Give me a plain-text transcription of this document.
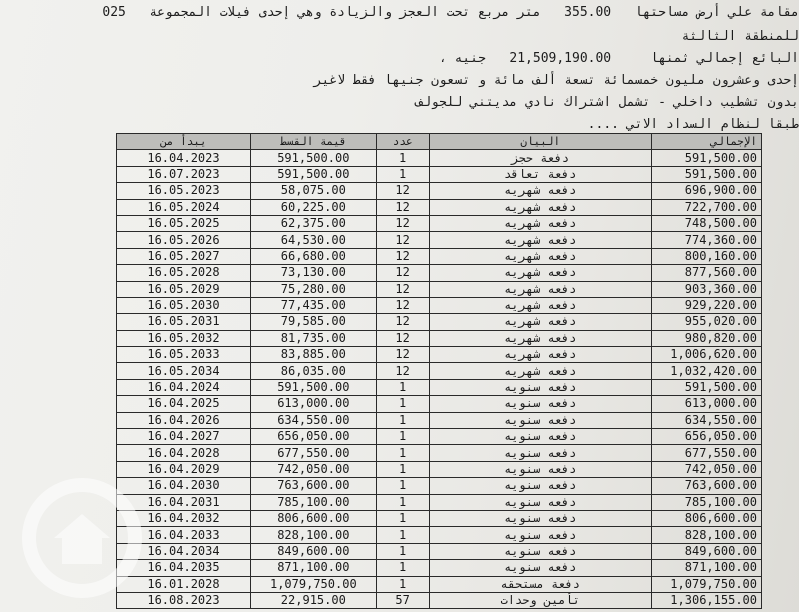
مقامة علي أرض مساحتها   355.00   متر مربع تحت العجز والزيادة وهي إحدى فيلات المجموعة   025
للمنطقة الثالثة
البائع إجمالي ثمنها     21,509,190.00   جنيه ،
إحدى وعشرون مليون خمسمائة تسعة ألف مائة و تسعون جنيها فقط لاغير
بدون تشطيب داخلي - تشمل اشتراك نادي مديتني للجولف
طبقا لنظام السداد الاتي ....
يبدأ من	قيمة القسط	عدد	البيان	الإجمالي
16.04.2023	591,500.00	1	دفعة حجز	591,500.00
16.07.2023	591,500.00	1	دفعة تعاقد	591,500.00
16.05.2023	58,075.00	12	دفعه شهريه	696,900.00
16.05.2024	60,225.00	12	دفعه شهريه	722,700.00
16.05.2025	62,375.00	12	دفعه شهريه	748,500.00
16.05.2026	64,530.00	12	دفعه شهريه	774,360.00
16.05.2027	66,680.00	12	دفعه شهريه	800,160.00
16.05.2028	73,130.00	12	دفعه شهريه	877,560.00
16.05.2029	75,280.00	12	دفعه شهريه	903,360.00
16.05.2030	77,435.00	12	دفعه شهريه	929,220.00
16.05.2031	79,585.00	12	دفعه شهريه	955,020.00
16.05.2032	81,735.00	12	دفعه شهريه	980,820.00
16.05.2033	83,885.00	12	دفعه شهريه	1,006,620.00
16.05.2034	86,035.00	12	دفعه شهريه	1,032,420.00
16.04.2024	591,500.00	1	دفعه سنويه	591,500.00
16.04.2025	613,000.00	1	دفعه سنويه	613,000.00
16.04.2026	634,550.00	1	دفعه سنويه	634,550.00
16.04.2027	656,050.00	1	دفعه سنويه	656,050.00
16.04.2028	677,550.00	1	دفعه سنويه	677,550.00
16.04.2029	742,050.00	1	دفعه سنويه	742,050.00
16.04.2030	763,600.00	1	دفعه سنويه	763,600.00
16.04.2031	785,100.00	1	دفعه سنويه	785,100.00
16.04.2032	806,600.00	1	دفعه سنويه	806,600.00
16.04.2033	828,100.00	1	دفعه سنويه	828,100.00
16.04.2034	849,600.00	1	دفعه سنويه	849,600.00
16.04.2035	871,100.00	1	دفعه سنويه	871,100.00
16.01.2028	1,079,750.00	1	دفعة مستحقه	1,079,750.00
16.08.2023	22,915.00	57	تأمين وحدات	1,306,155.00
